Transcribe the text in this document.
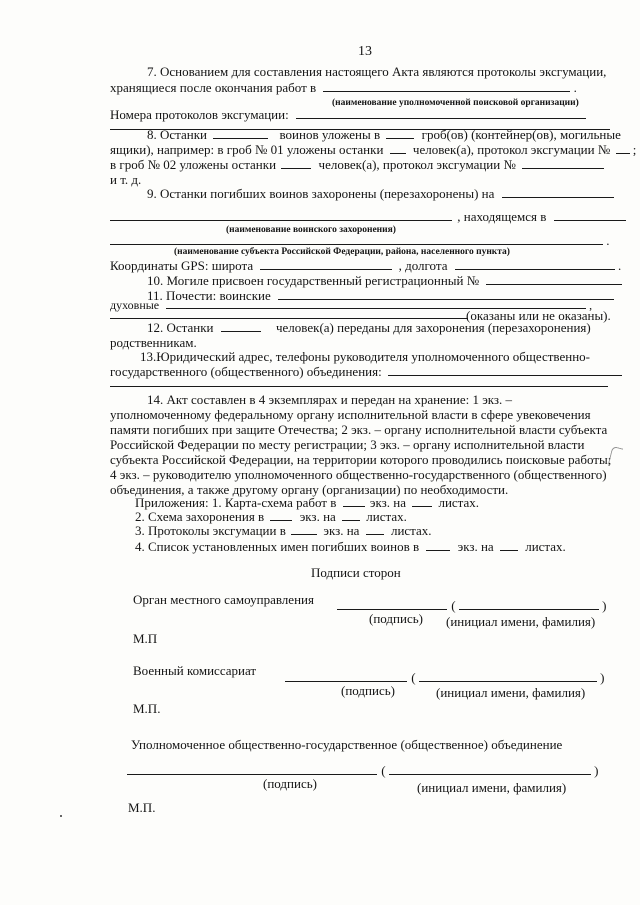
13
7. Основанием для составления настоящего Акта являются протоколы эксгумации,
хранящиеся после окончания работ в	.
(наименование уполномоченной поисковой организации)
Номера протоколов эксгумации:
8. Останки	воинов уложены в	гроб(ов) (контейнер(ов), могильные
ящики), например: в гроб № 01 уложены останки человек(а), протокол эксгумации № ;
в гроб № 02 уложены останки	человек(а), протокол эксгумации №
и т. д.
9. Останки погибших воинов захоронены (перезахоронены) на
, находящемся в
(наименование воинского захоронения)
.
(наименование субъекта Российской Федерации, района, населенного пункта)
Координаты GPS: широта	, долгота	.
10. Могиле присвоен государственный регистрационный №
11. Почести: воинские
духовные	,
(оказаны или не оказаны).
12. Останки	человек(а) переданы для захоронения (перезахоронения)
родственникам.
13.Юридический адрес, телефоны руководителя уполномоченного общественно-
государственного (общественного) объединения:
14. Акт составлен в 4 экземплярах и передан на хранение: 1 экз. –
уполномоченному федеральному органу исполнительной власти в сфере увековечения
памяти погибших при защите Отечества; 2 экз. – органу исполнительной власти субъекта
Российской Федерации по месту регистрации; 3 экз. – органу исполнительной власти
субъекта Российской Федерации, на территории которого проводились поисковые работы;
4 экз. – руководителю уполномоченного общественно-государственного (общественного)
объединения, а также другому органу (организации) по необходимости.
Приложения: 1. Карта-схема работ в	экз. на	листах.
2. Схема захоронения в	экз. на листах.
3. Протоколы эксгумации в	экз. на листах.
4. Список установленных имен погибших воинов в	экз. на листах.
Подписи сторон
Орган местного самоуправления	(	)
(подпись) (инициал имени, фамилия)
М.П
Военный комиссариат	(	)
(подпись)	(инициал имени, фамилия)
М.П.
Уполномоченное общественно-государственное (общественное) объединение
(	)
(подпись)	(инициал имени, фамилия)
М.П.
